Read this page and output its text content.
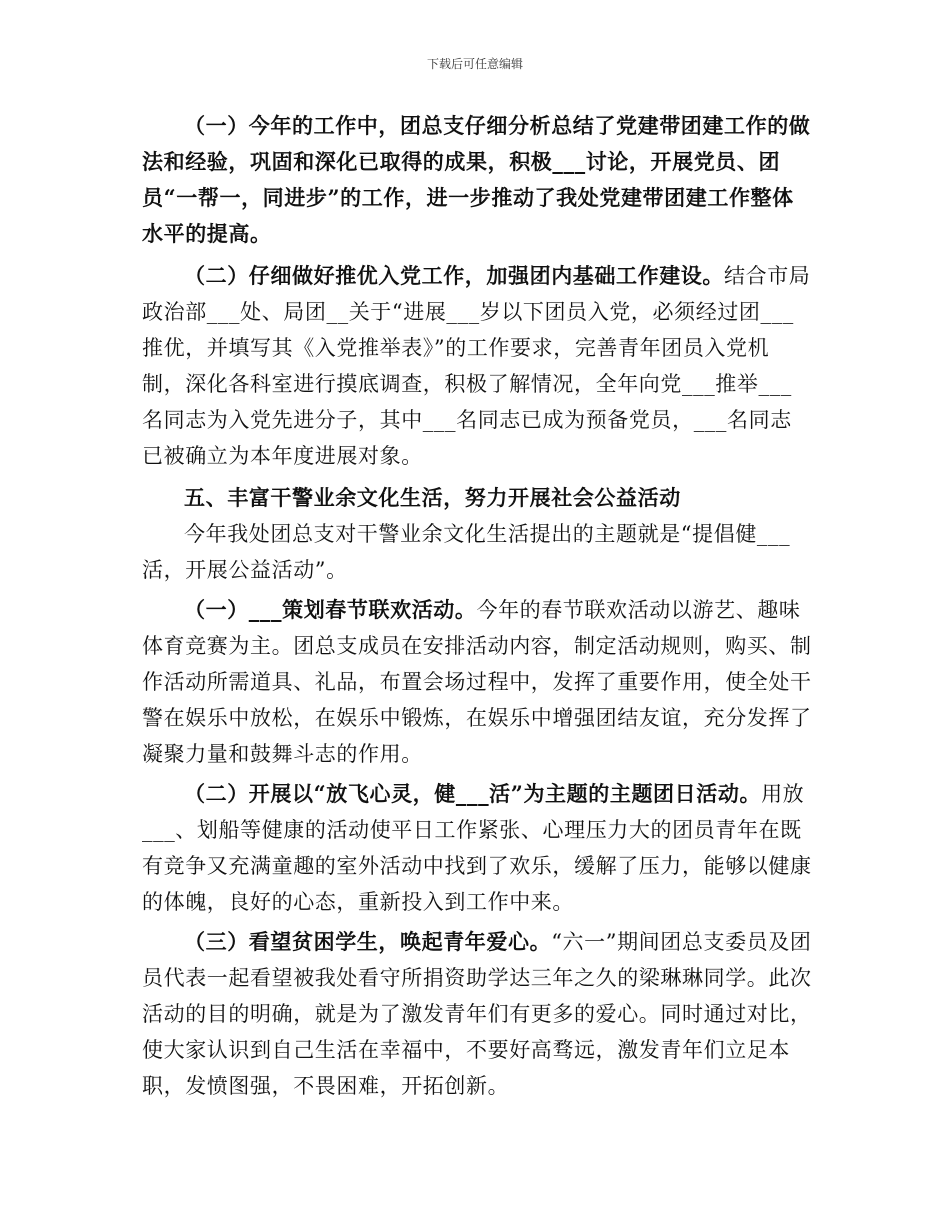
下载后可任意编辑
（一）今年的工作中，团总支仔细分析总结了党建带团建工作的做法和经验，巩固和深化已取得的成果，积极___讨论，开展党员、团员“一帮一，同进步”的工作，进一步推动了我处党建带团建工作整体水平的提高。
（二）仔细做好推优入党工作，加强团内基础工作建设。结合市局政治部___处、局团__关于“进展___岁以下团员入党，必须经过团___推优，并填写其《入党推举表》”的工作要求，完善青年团员入党机制，深化各科室进行摸底调查，积极了解情况，全年向党___推举___名同志为入党先进分子，其中___名同志已成为预备党员，___名同志已被确立为本年度进展对象。
五、丰富干警业余文化生活，努力开展社会公益活动
今年我处团总支对干警业余文化生活提出的主题就是“提倡健___活，开展公益活动”。
（一）___策划春节联欢活动。今年的春节联欢活动以游艺、趣味体育竞赛为主。团总支成员在安排活动内容，制定活动规则，购买、制作活动所需道具、礼品，布置会场过程中，发挥了重要作用，使全处干警在娱乐中放松，在娱乐中锻炼，在娱乐中增强团结友谊，充分发挥了凝聚力量和鼓舞斗志的作用。
（二）开展以“放飞心灵，健___活”为主题的主题团日活动。用放___、划船等健康的活动使平日工作紧张、心理压力大的团员青年在既有竞争又充满童趣的室外活动中找到了欢乐，缓解了压力，能够以健康的体魄，良好的心态，重新投入到工作中来。
（三）看望贫困学生，唤起青年爱心。“六一”期间团总支委员及团员代表一起看望被我处看守所捐资助学达三年之久的梁琳琳同学。此次活动的目的明确，就是为了激发青年们有更多的爱心。同时通过对比，使大家认识到自己生活在幸福中，不要好高骛远，激发青年们立足本职，发愤图强，不畏困难，开拓创新。
